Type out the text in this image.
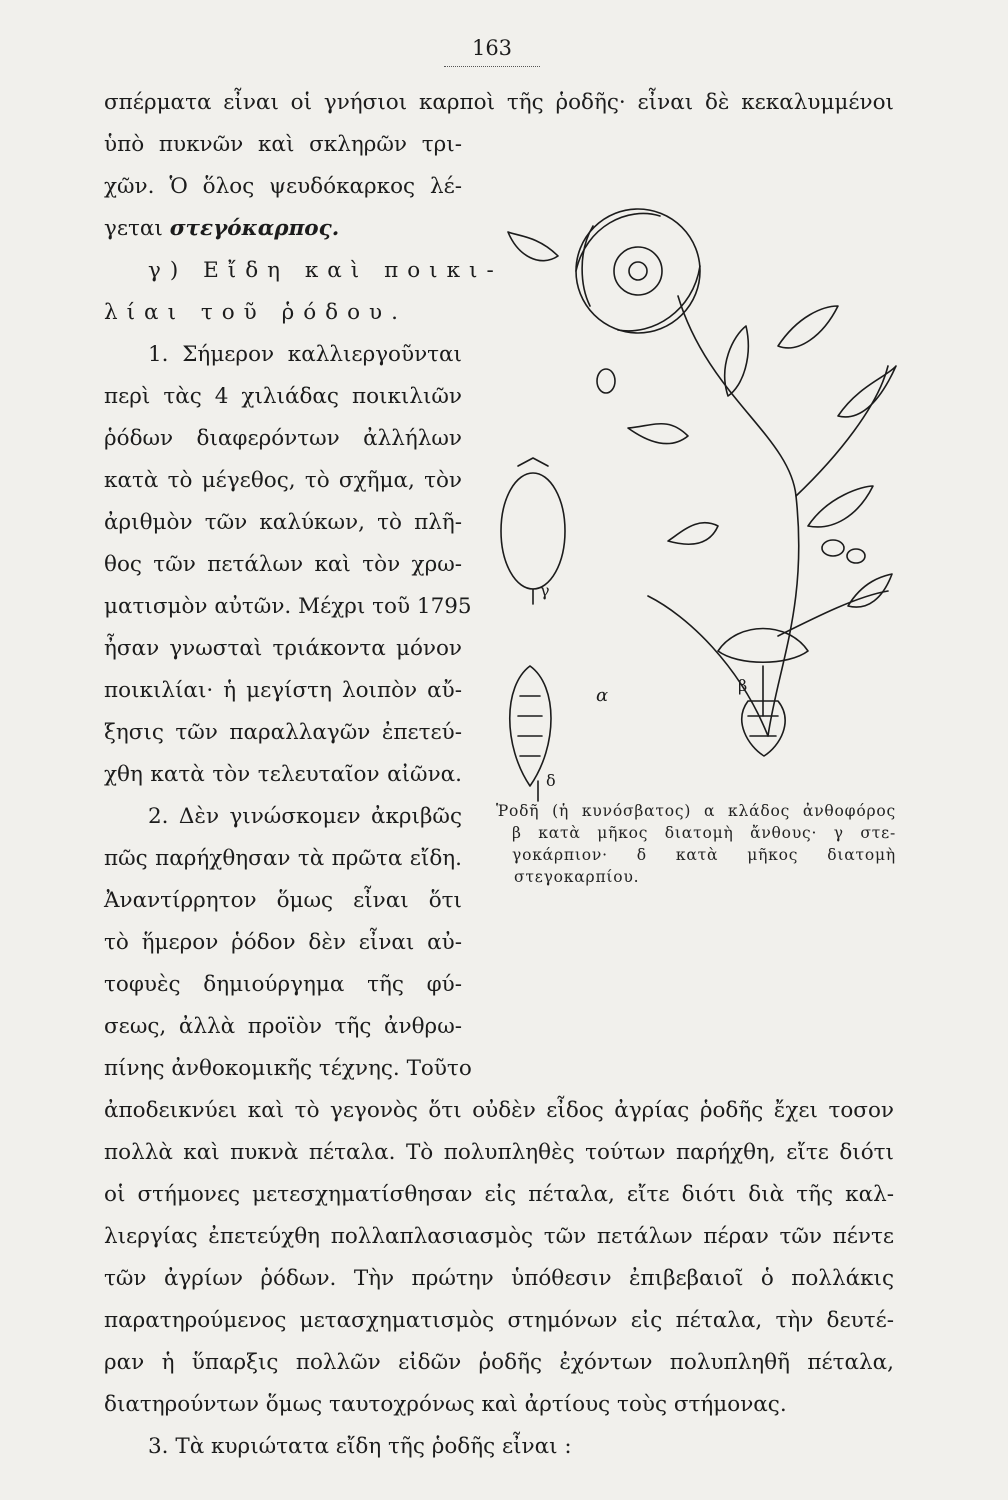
163
σπέρματα εἶναι οἱ γνήσιοι καρποὶ τῆς ῥοδῆς· εἶναι δὲ κεκαλυμμένοι
ὑπὸ πυκνῶν καὶ σκληρῶν τρι-
χῶν. Ὁ ὅλος ψευδόκαρκος λέ-
γεται στεγόκαρπος.
γ) Εἴδη καὶ ποικι-
λίαι τοῦ ῥόδου.
1. Σήμερον καλλιεργοῦνται
περὶ τὰς 4 χιλιάδας ποικιλιῶν
ῥόδων διαφερόντων ἀλλήλων
κατὰ τὸ μέγεθος, τὸ σχῆμα, τὸν
ἀριθμὸν τῶν καλύκων, τὸ πλῆ-
θος τῶν πετάλων καὶ τὸν χρω-
ματισμὸν αὐτῶν. Μέχρι τοῦ 1795
ἦσαν γνωσταὶ τριάκοντα μόνον
ποικιλίαι· ἡ μεγίστη λοιπὸν αὔ-
ξησις τῶν παραλλαγῶν ἐπετεύ-
χθη κατὰ τὸν τελευταῖον αἰῶνα.
2. Δὲν γινώσκομεν ἀκριβῶς
πῶς παρήχθησαν τὰ πρῶτα εἴδη.
Ἀναντίρρητον ὅμως εἶναι ὅτι
τὸ ἥμερον ῥόδον δὲν εἶναι αὐ-
τοφυὲς δημιούργημα τῆς φύ-
σεως, ἀλλὰ προϊὸν τῆς ἀνθρω-
πίνης ἀνθοκομικῆς τέχνης. Τοῦτο
ἀποδεικνύει καὶ τὸ γεγονὸς ὅτι οὐδὲν εἶδος ἀγρίας ῥοδῆς ἔχει τοσον
πολλὰ καὶ πυκνὰ πέταλα. Τὸ πολυπληθὲς τούτων παρήχθη, εἴτε διότι
οἱ στήμονες μετεσχηματίσθησαν εἰς πέταλα, εἴτε διότι διὰ τῆς καλ-
λιεργίας ἐπετεύχθη πολλαπλασιασμὸς τῶν πετάλων πέραν τῶν πέντε
τῶν ἀγρίων ῥόδων. Τὴν πρώτην ὑπόθεσιν ἐπιβεβαιοῖ ὁ πολλάκις
παρατηρούμενος μετασχηματισμὸς στημόνων εἰς πέταλα, τὴν δευτέ-
ραν ἡ ὕπαρξις πολλῶν εἰδῶν ῥοδῆς ἐχόντων πολυπληθῆ πέταλα,
διατηρούντων ὅμως ταυτοχρόνως καὶ ἀρτίους τοὺς στήμονας.
3. Τὰ κυριώτατα εἴδη τῆς ῥοδῆς εἶναι :
α	β
γ
δ
Ῥοδῆ (ἡ κυνόσβατος) α κλάδος ἀνθοφόρος
β κατὰ μῆκος διατομὴ ἄνθους· γ στε-
γοκάρπιον· δ κατὰ μῆκος διατομὴ
στεγοκαρπίου.
